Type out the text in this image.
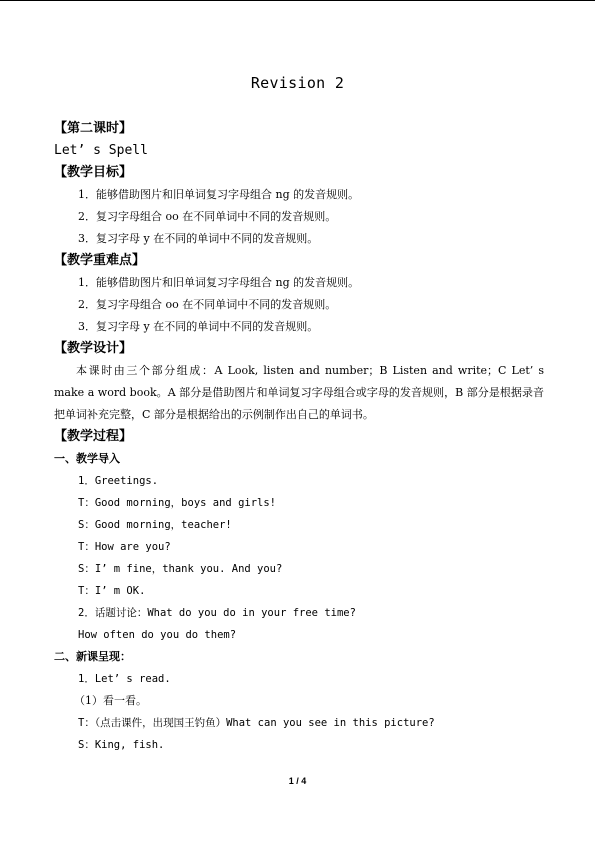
Revision 2
【第二课时】
Let’ s Spell
【教学目标】
1．能够借助图片和旧单词复习字母组合 ng 的发音规则。
2．复习字母组合 oo 在不同单词中不同的发音规则。
3．复习字母 y 在不同的单词中不同的发音规则。
【教学重难点】
1．能够借助图片和旧单词复习字母组合 ng 的发音规则。
2．复习字母组合 oo 在不同单词中不同的发音规则。
3．复习字母 y 在不同的单词中不同的发音规则。
【教学设计】
本课时由三个部分组成：A Look, listen and number；B Listen and write；C Let’ s make a word book。A 部分是借助图片和单词复习字母组合或字母的发音规则，B 部分是根据录音把单词补充完整，C 部分是根据给出的示例制作出自己的单词书。
【教学过程】
一、教学导入
1．Greetings.
T：Good morning，boys and girls!
S：Good morning，teacher!
T：How are you?
S：I’ m fine，thank you. And you?
T：I’ m OK.
2．话题讨论：What do you do in your free time?
How often do you do them?
二、新课呈现：
1．Let’ s read.
（1）看一看。
T：（点击课件，出现国王钓鱼）What can you see in this picture?
S：King, fish.
1 / 4
